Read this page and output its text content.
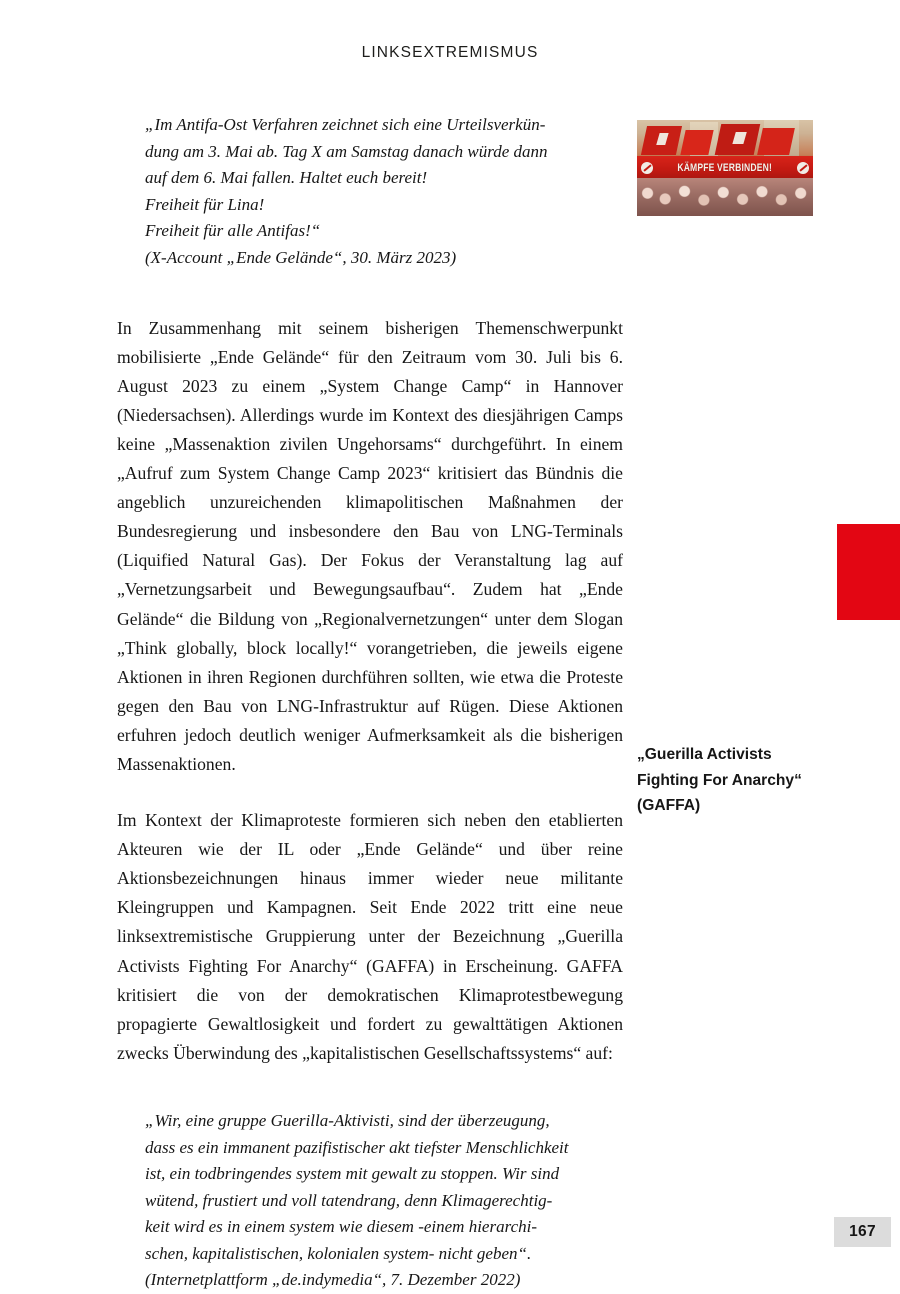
LINKSEXTREMISMUS
„Im Antifa-Ost Verfahren zeichnet sich eine Urteilsverkün-
dung am 3. Mai ab. Tag X am Samstag danach würde dann
auf dem 6. Mai fallen. Haltet euch bereit!
Freiheit für Lina!
Freiheit für alle Antifas!“
(X-Account „Ende Gelände“, 30. März 2023)

In Zusammenhang mit seinem bisherigen Themenschwerpunkt mobilisierte „Ende Gelände“ für den Zeitraum vom 30. Juli bis 6. August 2023 zu einem „System Change Camp“ in Hannover (Niedersachsen). Allerdings wurde im Kontext des diesjährigen Camps keine „Massenaktion zivilen Ungehorsams“ durchgeführt. In einem „Aufruf zum System Change Camp 2023“ kritisiert das Bündnis die angeblich unzureichenden klimapolitischen Maßnahmen der Bundesregierung und insbesondere den Bau von LNG-Terminals (Liquified Natural Gas). Der Fokus der Veranstaltung lag auf „Vernetzungsarbeit und Bewegungsaufbau“. Zudem hat „Ende Gelände“ die Bildung von „Regionalvernetzungen“ unter dem Slogan „Think globally, block locally!“ vorangetrieben, die jeweils eigene Aktionen in ihren Regionen durchführen sollten, wie etwa die Proteste gegen den Bau von LNG-Infrastruktur auf Rügen. Diese Aktionen erfuhren jedoch deutlich weniger Aufmerksamkeit als die bisherigen Massenaktionen.

Im Kontext der Klimaproteste formieren sich neben den etablierten Akteuren wie der IL oder „Ende Gelände“ und über reine Aktionsbezeichnungen hinaus immer wieder neue militante Kleingruppen und Kampagnen. Seit Ende 2022 tritt eine neue linksextremistische Gruppierung unter der Bezeichnung „Guerilla Activists Fighting For Anarchy“ (GAFFA) in Erscheinung. GAFFA kritisiert die von der demokratischen Klimaprotestbewegung propagierte Gewaltlosigkeit und fordert zu gewalttätigen Aktionen zwecks Überwindung des „kapitalistischen Gesellschaftssystems“ auf:

„Wir, eine gruppe Guerilla-Aktivisti, sind der überzeugung,
dass es ein immanent pazifistischer akt tiefster Menschlichkeit
ist, ein todbringendes system mit gewalt zu stoppen. Wir sind
wütend, frustiert und voll tatendrang, denn Klimagerechtig-
keit wird es in einem system wie diesem -einem hierarchi-
schen, kapitalistischen, kolonialen system- nicht geben“.
(Internetplattform „de.indymedia“, 7. Dezember 2022)
KÄMPFE VERBINDEN!
„Guerilla Activists
Fighting For Anarchy“
(GAFFA)
167
